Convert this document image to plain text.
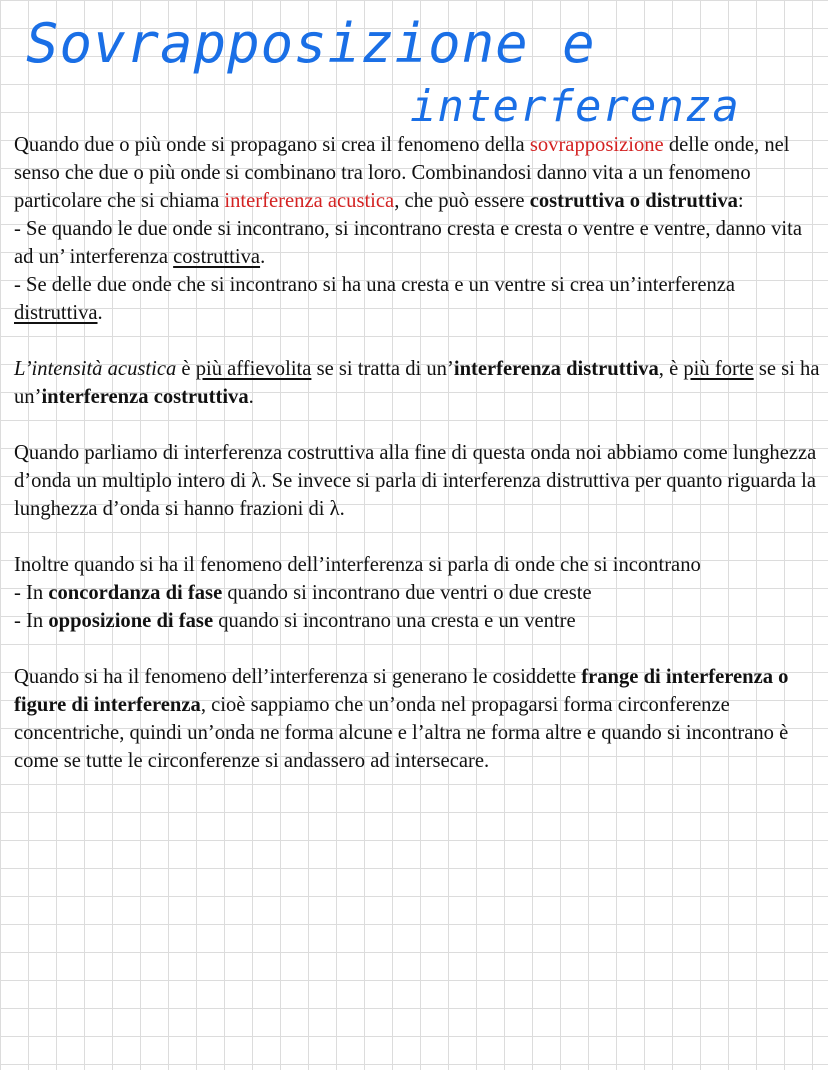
Sovrapposizione e
interferenza

Quando due o più onde si propagano si crea il fenomeno della sovrapposizione delle onde, nel senso che due o più onde si combinano tra loro. Combinandosi danno vita a un fenomeno particolare che si chiama interferenza acustica, che può essere costruttiva o distruttiva:
- Se quando le due onde si incontrano, si incontrano cresta e cresta o ventre e ventre, danno vita ad un’ interferenza costruttiva.
- Se delle due onde che si incontrano si ha una cresta e un ventre si crea un’interferenza distruttiva.

L’intensità acustica è più affievolita se si tratta di un’interferenza distruttiva, è più forte se si ha un’interferenza costruttiva.

Quando parliamo di interferenza costruttiva alla fine di questa onda noi abbiamo come lunghezza d’onda un multiplo intero di λ. Se invece si parla di interferenza distruttiva per quanto riguarda la lunghezza d’onda si hanno frazioni di λ.

Inoltre quando si ha il fenomeno dell’interferenza si parla di onde che si incontrano
- In concordanza di fase quando si incontrano due ventri o due creste
- In opposizione di fase quando si incontrano una cresta e un ventre

Quando si ha il fenomeno dell’interferenza si generano le cosiddette frange di interferenza o figure di interferenza, cioè sappiamo che un’onda nel propagarsi forma circonferenze concentriche, quindi un’onda ne forma alcune e l’altra ne forma altre e quando si incontrano è come se tutte le circonferenze si andassero ad intersecare.
